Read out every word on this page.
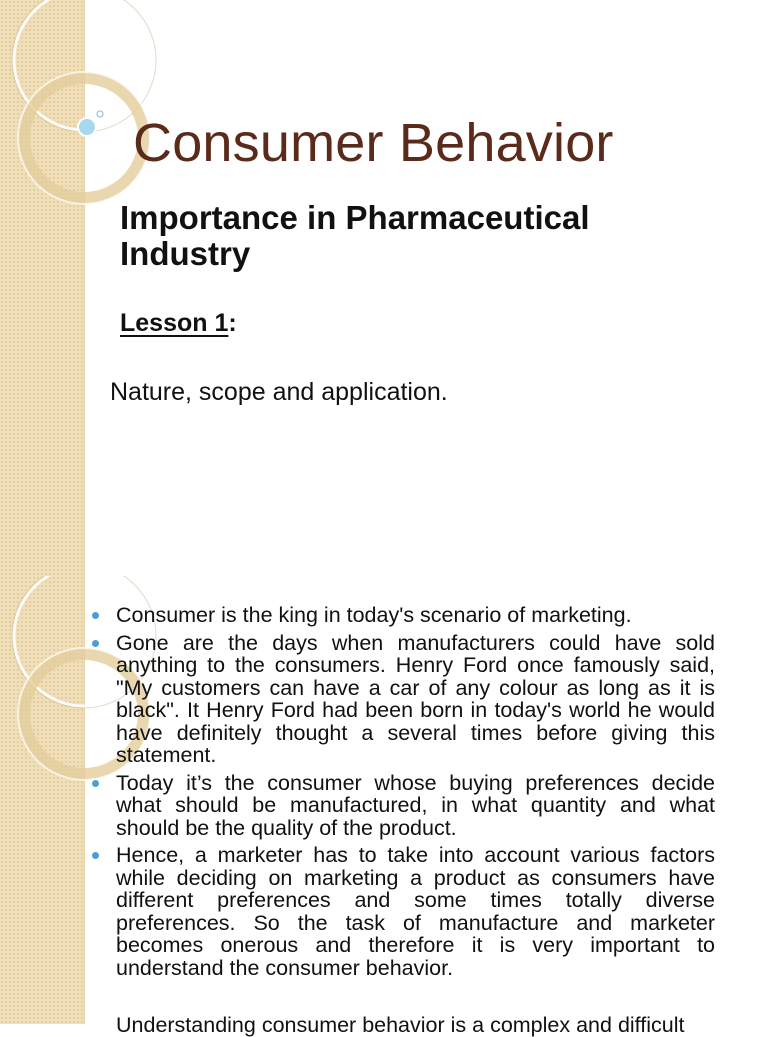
Consumer Behavior
Importance in Pharmaceutical Industry
Lesson 1:
Nature, scope and application.
Consumer is the king in today's scenario of marketing.
Gone are the days when manufacturers could have sold anything to the consumers. Henry Ford once famously said, "My customers can have a car of any colour as long as it is black". It Henry Ford had been born in today's world he would have definitely thought a several times before giving this statement.
Today it’s the consumer whose buying preferences decide what should be manufactured, in what quantity and what should be the quality of the product.
Hence, a marketer has to take into account various factors while deciding on marketing a product as consumers have different preferences and some times totally diverse preferences. So the task of manufacture and marketer becomes onerous and therefore it is very important to understand the consumer behavior.
Understanding consumer behavior is a complex and difficult
